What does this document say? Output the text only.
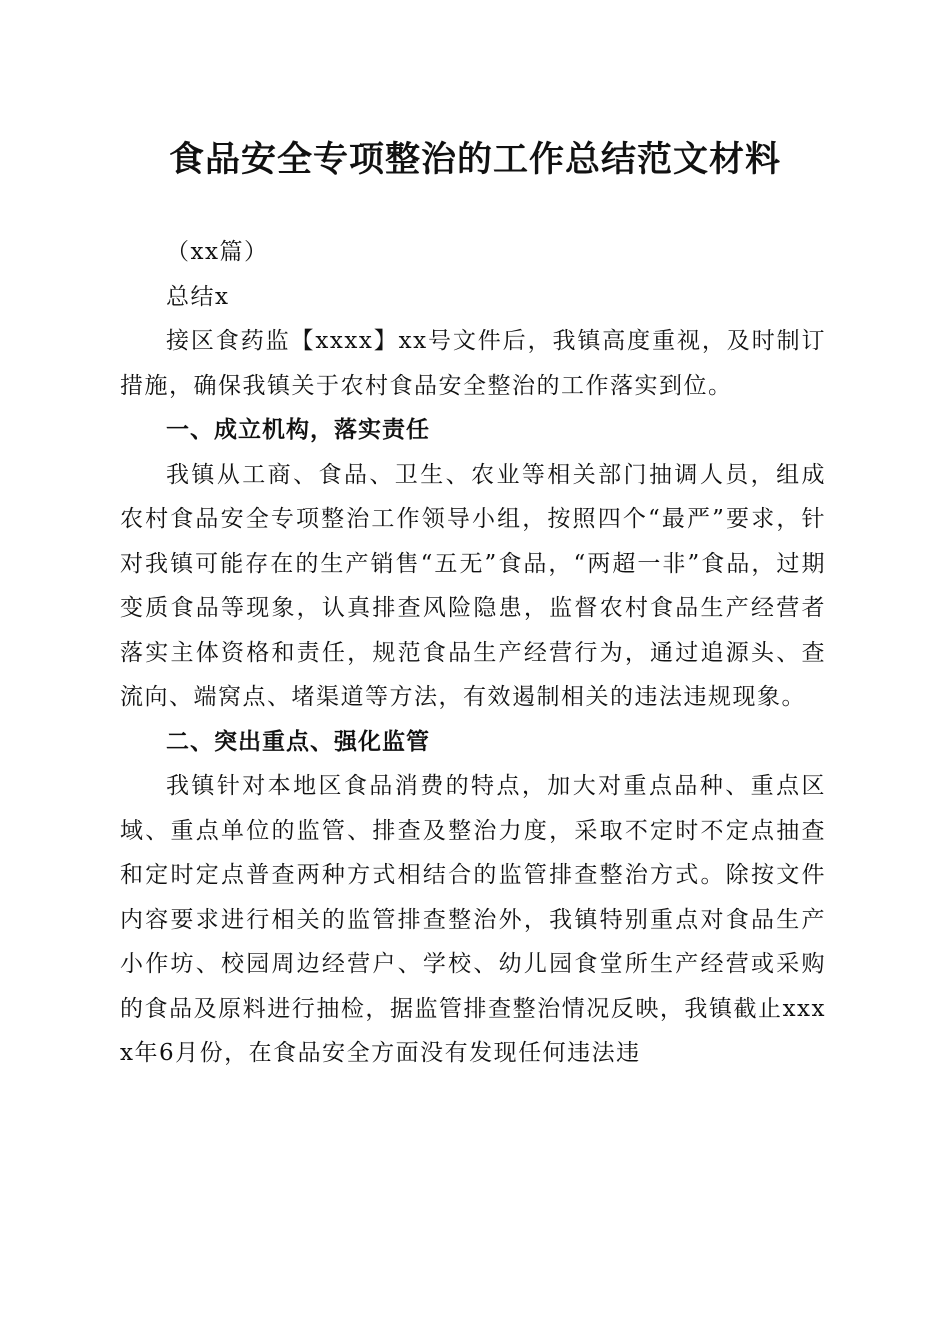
食品安全专项整治的工作总结范文材料

（xx篇）

总结x

接区食药监【xxxx】xx号文件后，我镇高度重视，及时制订措施，确保我镇关于农村食品安全整治的工作落实到位。

一、成立机构，落实责任

我镇从工商、食品、卫生、农业等相关部门抽调人员，组成农村食品安全专项整治工作领导小组，按照四个“最严”要求，针对我镇可能存在的生产销售“五无”食品，“两超一非”食品，过期变质食品等现象，认真排查风险隐患，监督农村食品生产经营者落实主体资格和责任，规范食品生产经营行为，通过追源头、查流向、端窝点、堵渠道等方法，有效遏制相关的违法违规现象。

二、突出重点、强化监管

我镇针对本地区食品消费的特点，加大对重点品种、重点区域、重点单位的监管、排查及整治力度，采取不定时不定点抽查和定时定点普查两种方式相结合的监管排查整治方式。除按文件内容要求进行相关的监管排查整治外，我镇特别重点对食品生产小作坊、校园周边经营户、学校、幼儿园食堂所生产经营或采购的食品及原料进行抽检，据监管排查整治情况反映，我镇截止xxxx年6月份，在食品安全方面没有发现任何违法违
